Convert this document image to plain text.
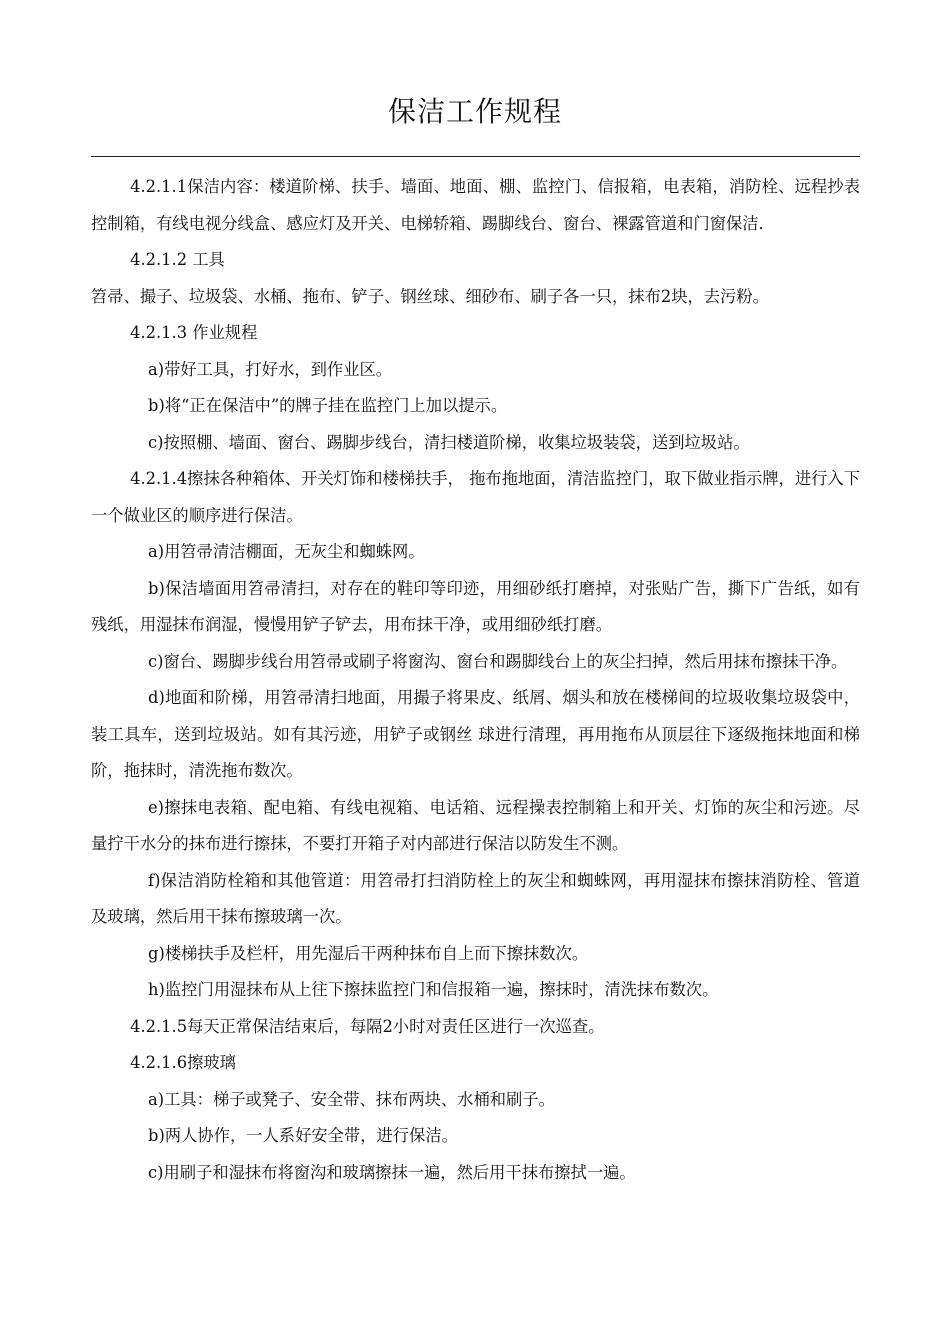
保洁工作规程

4.2.1.1保洁内容：楼道阶梯、扶手、墙面、地面、棚、监控门、信报箱，电表箱，消防栓、远程抄表控制箱，有线电视分线盒、感应灯及开关、电梯轿箱、踢脚线台、窗台、裸露管道和门窗保洁．

4.2.1.2 工具

笤帚、撮子、垃圾袋、水桶、拖布、铲子、钢丝球、细砂布、刷子各一只，抹布2块，去污粉。

4.2.1.3 作业规程

a)带好工具，打好水，到作业区。

b)将“正在保洁中”的牌子挂在监控门上加以提示。

c)按照棚、墙面、窗台、踢脚步线台，清扫楼道阶梯，收集垃圾装袋，送到垃圾站。

4.2.1.4擦抹各种箱体、开关灯饰和楼梯扶手， 拖布拖地面，清洁监控门，取下做业指示牌，进行入下一个做业区的顺序进行保洁。

a)用笤帚清洁棚面，无灰尘和蜘蛛网。

b)保洁墙面用笤帚清扫，对存在的鞋印等印迹，用细砂纸打磨掉，对张贴广告，撕下广告纸，如有残纸，用湿抹布润湿，慢慢用铲子铲去，用布抹干净，或用细砂纸打磨。

c)窗台、踢脚步线台用笤帚或刷子将窗沟、窗台和踢脚线台上的灰尘扫掉，然后用抹布擦抹干净。

d)地面和阶梯，用笤帚清扫地面，用撮子将果皮、纸屑、烟头和放在楼梯间的垃圾收集垃圾袋中，装工具车，送到垃圾站。如有其污迹，用铲子或钢丝 球进行清理，再用拖布从顶层往下逐级拖抹地面和梯阶，拖抹时，清洗拖布数次。

e)擦抹电表箱、配电箱、有线电视箱、电话箱、远程操表控制箱上和开关、灯饰的灰尘和污迹。尽量拧干水分的抹布进行擦抹，不要打开箱子对内部进行保洁以防发生不测。

f)保洁消防栓箱和其他管道：用笤帚打扫消防栓上的灰尘和蜘蛛网，再用湿抹布擦抹消防栓、管道及玻璃，然后用干抹布擦玻璃一次。

g)楼梯扶手及栏杆，用先湿后干两种抹布自上而下擦抹数次。

h)监控门用湿抹布从上往下擦抹监控门和信报箱一遍，擦抹时，清洗抹布数次。

4.2.1.5每天正常保洁结束后，每隔2小时对责任区进行一次巡查。

4.2.1.6擦玻璃

a)工具：梯子或凳子、安全带、抹布两块、水桶和刷子。

b)两人协作，一人系好安全带，进行保洁。

c)用刷子和湿抹布将窗沟和玻璃擦抹一遍，然后用干抹布擦拭一遍。
